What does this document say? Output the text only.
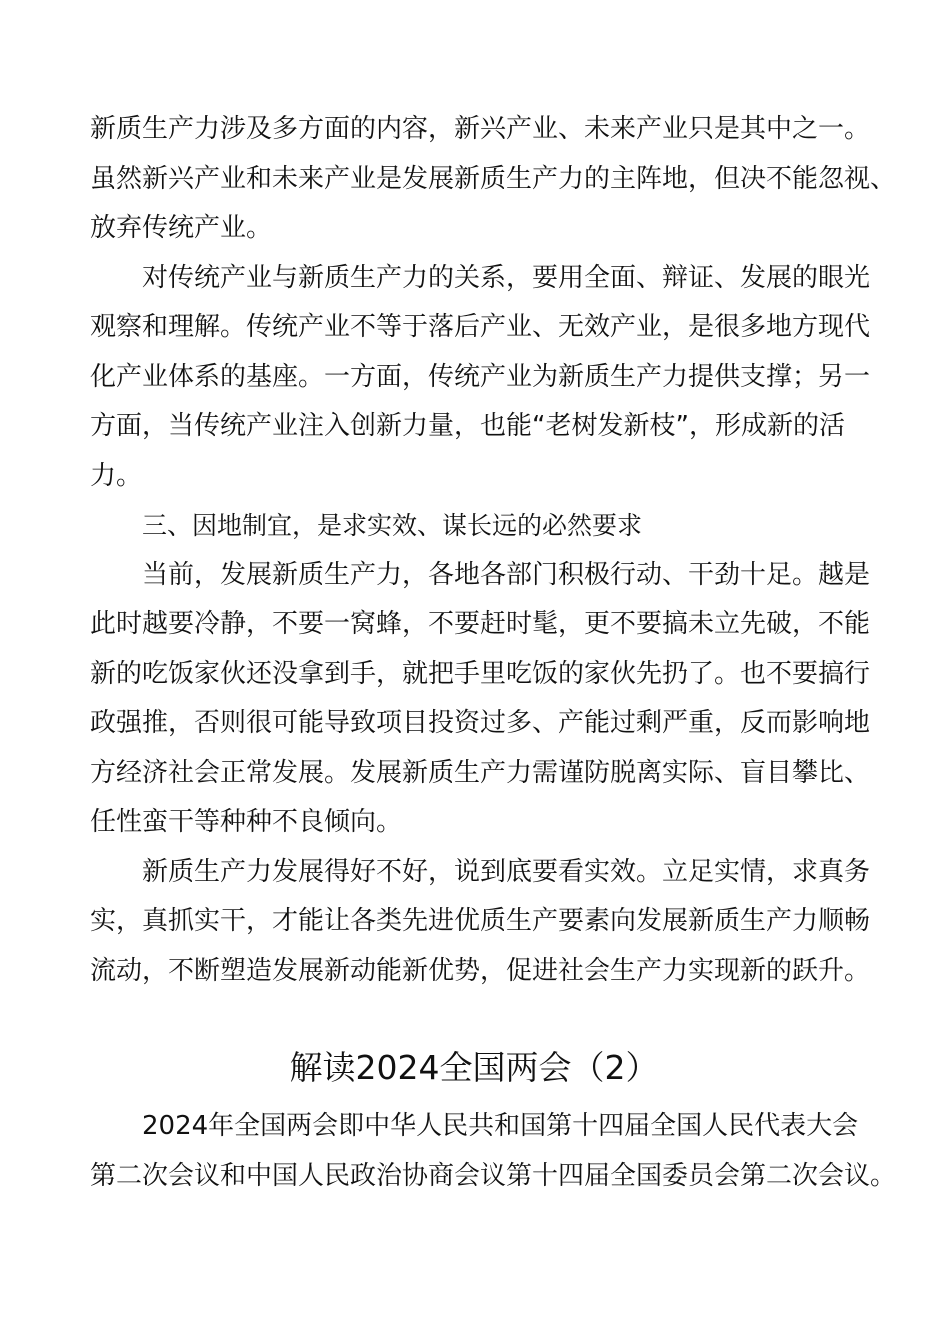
新质生产力涉及多方面的内容，新兴产业、未来产业只是其中之一。
虽然新兴产业和未来产业是发展新质生产力的主阵地，但决不能忽视、
放弃传统产业。
对传统产业与新质生产力的关系，要用全面、辩证、发展的眼光
观察和理解。传统产业不等于落后产业、无效产业，是很多地方现代
化产业体系的基座。一方面，传统产业为新质生产力提供支撑；另一
方面，当传统产业注入创新力量，也能“老树发新枝”，形成新的活
力。
三、因地制宜，是求实效、谋长远的必然要求
当前，发展新质生产力，各地各部门积极行动、干劲十足。越是
此时越要冷静，不要一窝蜂，不要赶时髦，更不要搞未立先破，不能
新的吃饭家伙还没拿到手，就把手里吃饭的家伙先扔了。也不要搞行
政强推，否则很可能导致项目投资过多、产能过剩严重，反而影响地
方经济社会正常发展。发展新质生产力需谨防脱离实际、盲目攀比、
任性蛮干等种种不良倾向。
新质生产力发展得好不好，说到底要看实效。立足实情，求真务
实，真抓实干，才能让各类先进优质生产要素向发展新质生产力顺畅
流动，不断塑造发展新动能新优势，促进社会生产力实现新的跃升。
解读2024全国两会（2）
2024年全国两会即中华人民共和国第十四届全国人民代表大会
第二次会议和中国人民政治协商会议第十四届全国委员会第二次会议。
